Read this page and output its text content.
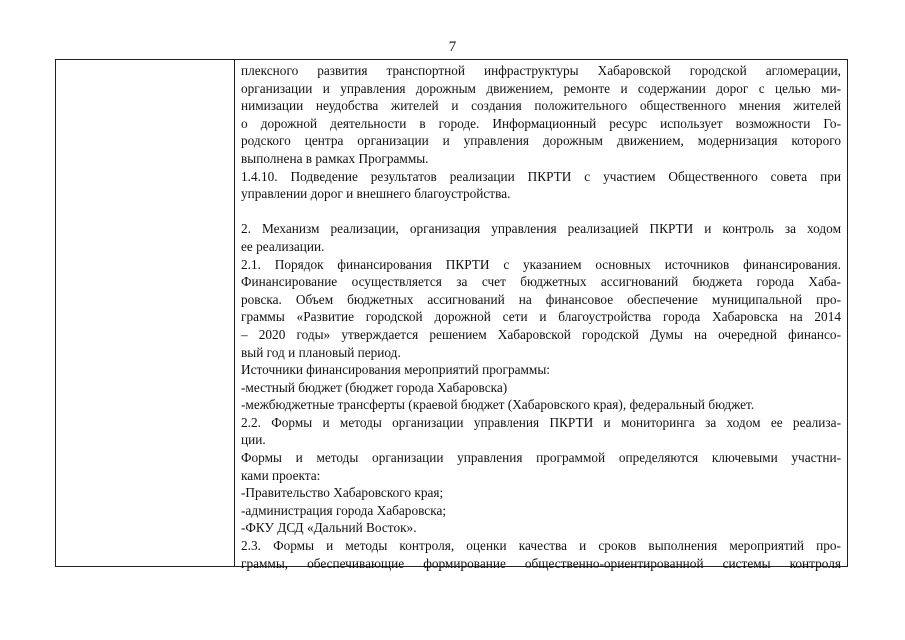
7
плексного развития транспортной инфраструктуры Хабаровской городской агломерации,
организации и управления дорожным движением, ремонте и содержании дорог с целью ми-
нимизации неудобства жителей и создания положительного общественного мнения жителей
о дорожной деятельности в городе. Информационный ресурс использует возможности Го-
родского центра организации и управления дорожным движением, модернизация которого
выполнена в рамках Программы.
1.4.10. Подведение результатов реализации ПКРТИ с участием Общественного совета при
управлении дорог и внешнего благоустройства.
2. Механизм реализации, организация управления реализацией ПКРТИ и контроль за ходом
ее реализации.
2.1. Порядок финансирования ПКРТИ с указанием основных источников финансирования.
Финансирование осуществляется за счет бюджетных ассигнований бюджета города Хаба-
ровска. Объем бюджетных ассигнований на финансовое обеспечение муниципальной про-
граммы «Развитие городской дорожной сети и благоустройства города Хабаровска на 2014
– 2020 годы» утверждается решением Хабаровской городской Думы на очередной финансо-
вый год и плановый период.
Источники финансирования мероприятий программы:
-местный бюджет (бюджет города Хабаровска)
-межбюджетные трансферты (краевой бюджет (Хабаровского края), федеральный бюджет.
2.2. Формы и методы организации управления ПКРТИ и мониторинга за ходом ее реализа-
ции.
Формы и методы организации управления программой определяются ключевыми участни-
ками проекта:
-Правительство Хабаровского края;
-администрация города Хабаровска;
-ФКУ ДСД «Дальний Восток».
2.3. Формы и методы контроля, оценки качества и сроков выполнения мероприятий про-
граммы, обеспечивающие формирование общественно-ориентированной системы контроля
